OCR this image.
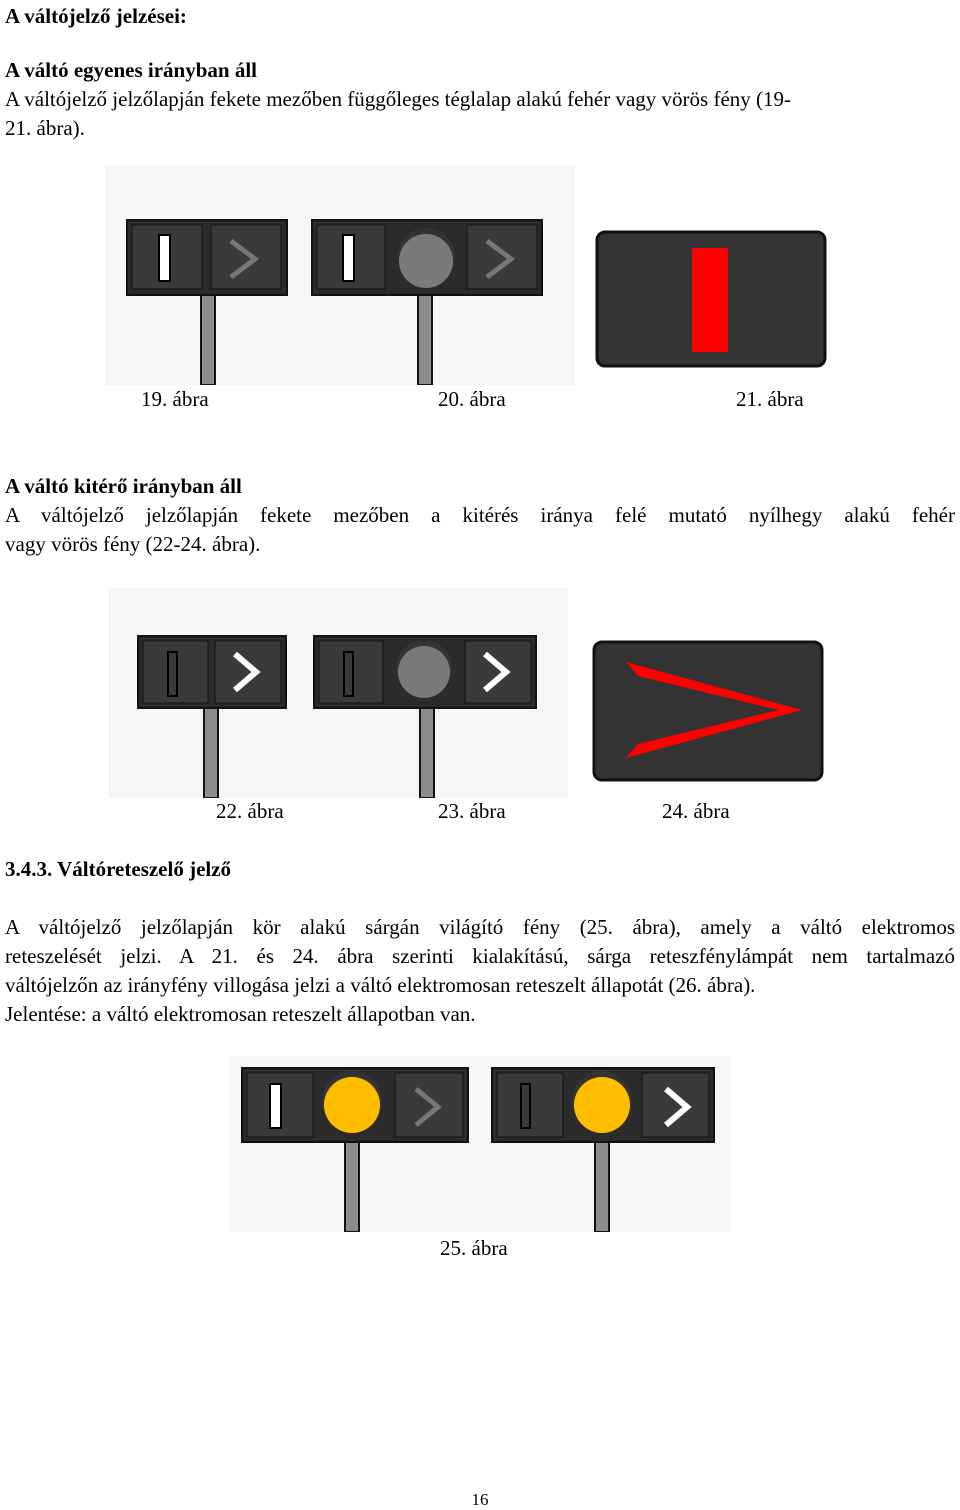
A váltójelző jelzései:
A váltó egyenes irányban áll
A váltójelző jelzőlapján fekete mezőben függőleges téglalap alakú fehér vagy vörös fény (19-
21. ábra).
19. ábra	20. ábra	21. ábra
A váltó kitérő irányban áll
A váltójelző jelzőlapján fekete mezőben a kitérés iránya felé mutató nyílhegy alakú fehér
vagy vörös fény (22-24. ábra).
22. ábra	23. ábra	24. ábra
3.4.3. Váltóreteszelő jelző
A váltójelző jelzőlapján kör alakú sárgán világító fény (25. ábra), amely a váltó elektromos
reteszelését jelzi. A 21. és 24. ábra szerinti kialakítású, sárga reteszfénylámpát nem tartalmazó
váltójelzőn az irányfény villogása jelzi a váltó elektromosan reteszelt állapotát (26. ábra).
Jelentése: a váltó elektromosan reteszelt állapotban van.
25. ábra
16
